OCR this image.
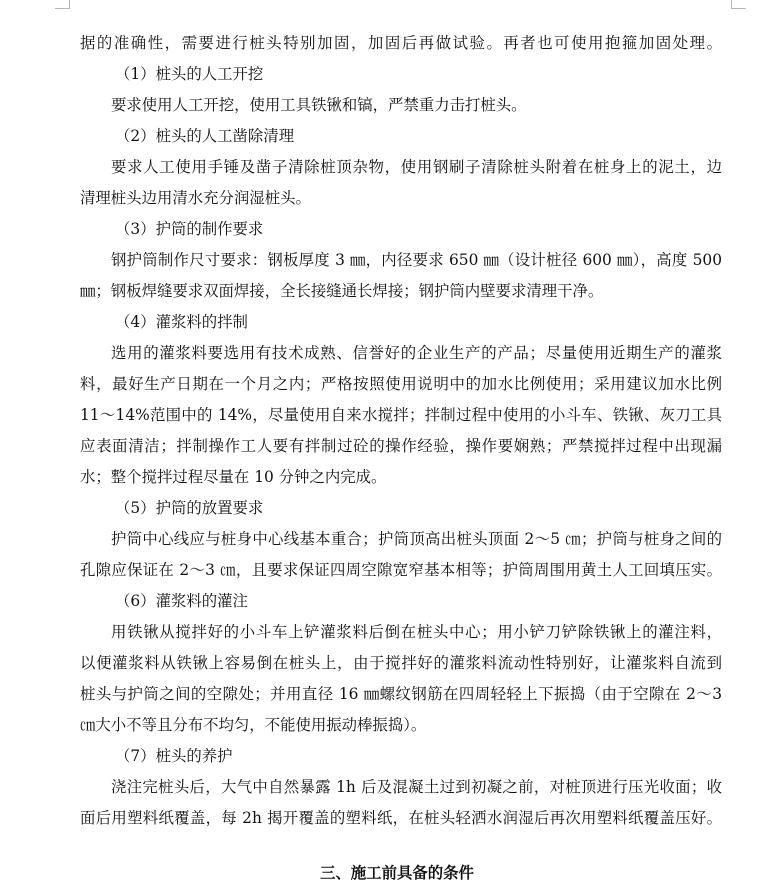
据的准确性，需要进行桩头特别加固，加固后再做试验。再者也可使用抱箍加固处理。
（1）桩头的人工开挖
要求使用人工开挖，使用工具铁锹和镐，严禁重力击打桩头。
（2）桩头的人工凿除清理
要求人工使用手锤及凿子清除桩顶杂物，使用钢刷子清除桩头附着在桩身上的泥土，边
清理桩头边用清水充分润湿桩头。
（3）护筒的制作要求
钢护筒制作尺寸要求：钢板厚度 3 ㎜，内径要求 650 ㎜（设计桩径 600 ㎜），高度 500
㎜；钢板焊缝要求双面焊接，全长接缝通长焊接；钢护筒内壁要求清理干净。
（4）灌浆料的拌制
选用的灌浆料要选用有技术成熟、信誉好的企业生产的产品；尽量使用近期生产的灌浆
料，最好生产日期在一个月之内；严格按照使用说明中的加水比例使用；采用建议加水比例
11～14%范围中的 14%，尽量使用自来水搅拌；拌制过程中使用的小斗车、铁锹、灰刀工具
应表面清洁；拌制操作工人要有拌制过砼的操作经验，操作要娴熟；严禁搅拌过程中出现漏
水；整个搅拌过程尽量在 10 分钟之内完成。
（5）护筒的放置要求
护筒中心线应与桩身中心线基本重合；护筒顶高出桩头顶面 2～5 ㎝；护筒与桩身之间的
孔隙应保证在 2～3 ㎝，且要求保证四周空隙宽窄基本相等；护筒周围用黄土人工回填压实。
（6）灌浆料的灌注
用铁锹从搅拌好的小斗车上铲灌浆料后倒在桩头中心；用小铲刀铲除铁锹上的灌注料，
以便灌浆料从铁锹上容易倒在桩头上，由于搅拌好的灌浆料流动性特别好，让灌浆料自流到
桩头与护筒之间的空隙处；并用直径 16 ㎜螺纹钢筋在四周轻轻上下振捣（由于空隙在 2～3
㎝大小不等且分布不均匀，不能使用振动棒振捣）。
（7）桩头的养护
浇注完桩头后，大气中自然暴露 1h 后及混凝土过到初凝之前，对桩顶进行压光收面；收
面后用塑料纸覆盖，每 2h 揭开覆盖的塑料纸，在桩头轻洒水润湿后再次用塑料纸覆盖压好。
三、施工前具备的条件
